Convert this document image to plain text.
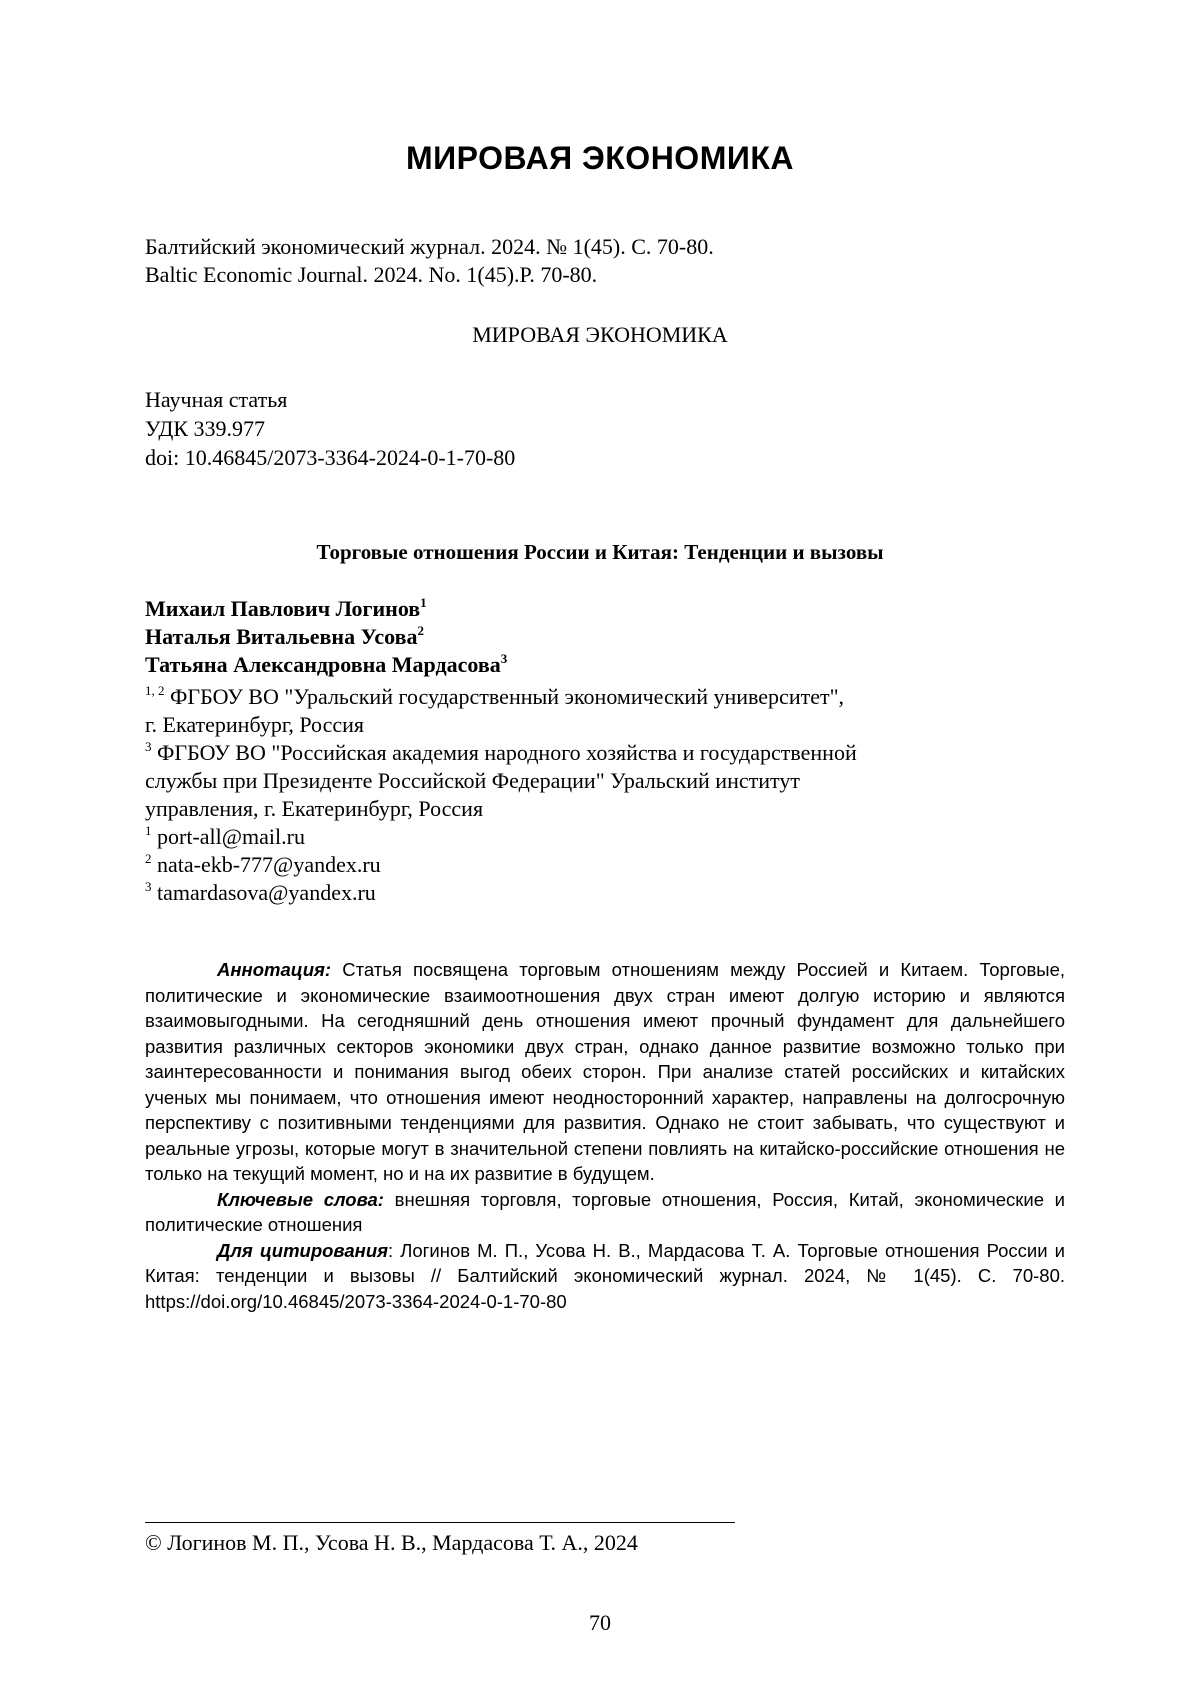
МИРОВАЯ ЭКОНОМИКА
Балтийский экономический журнал. 2024. № 1(45). С. 70-80.
Baltic Economic Journal. 2024. No. 1(45).P. 70-80.
МИРОВАЯ ЭКОНОМИКА
Научная статья
УДК 339.977
doi: 10.46845/2073-3364-2024-0-1-70-80
Торговые отношения России и Китая: Тенденции и вызовы
Михаил Павлович Логинов$^1$
Наталья Витальевна Усова$^2$
Татьяна Александровна Мардасова$^3$
$^{1, 2}$ ФГБОУ ВО "Уральский государственный экономический университет",
г. Екатеринбург, Россия
$^3$ ФГБОУ ВО "Российская академия народного хозяйства и государственной
службы при Президенте Российской Федерации" Уральский институт
управления, г. Екатеринбург, Россия
$^1$ port-all@mail.ru
$^2$ nata-ekb-777@yandex.ru
$^3$ tamardasova@yandex.ru

Аннотация: Статья посвящена торговым отношениям между Россией и Китаем. Торговые, политические и экономические взаимоотношения двух стран имеют долгую историю и являются взаимовыгодными. На сегодняшний день отношения имеют прочный фундамент для дальнейшего развития различных секторов экономики двух стран, однако данное развитие возможно только при заинтересованности и понимания выгод обеих сторон. При анализе статей российских и китайских ученых мы понимаем, что отношения имеют неодносторонний характер, направлены на долгосрочную перспективу с позитивными тенденциями для развития. Однако не стоит забывать, что существуют и реальные угрозы, которые могут в значительной степени повлиять на китайско-российские отношения не только на текущий момент, но и на их развитие в будущем.

Ключевые слова: внешняя торговля, торговые отношения, Россия, Китай, экономические и политические отношения

Для цитирования: Логинов М. П., Усова Н. В., Мардасова Т. А. Торговые отношения России и Китая: тенденции и вызовы // Балтийский экономический журнал. 2024, № 1(45). С. 70-80. https://doi.org/10.46845/2073-3364-2024-0-1-70-80

© Логинов М. П., Усова Н. В., Мардасова Т. А., 2024
70
